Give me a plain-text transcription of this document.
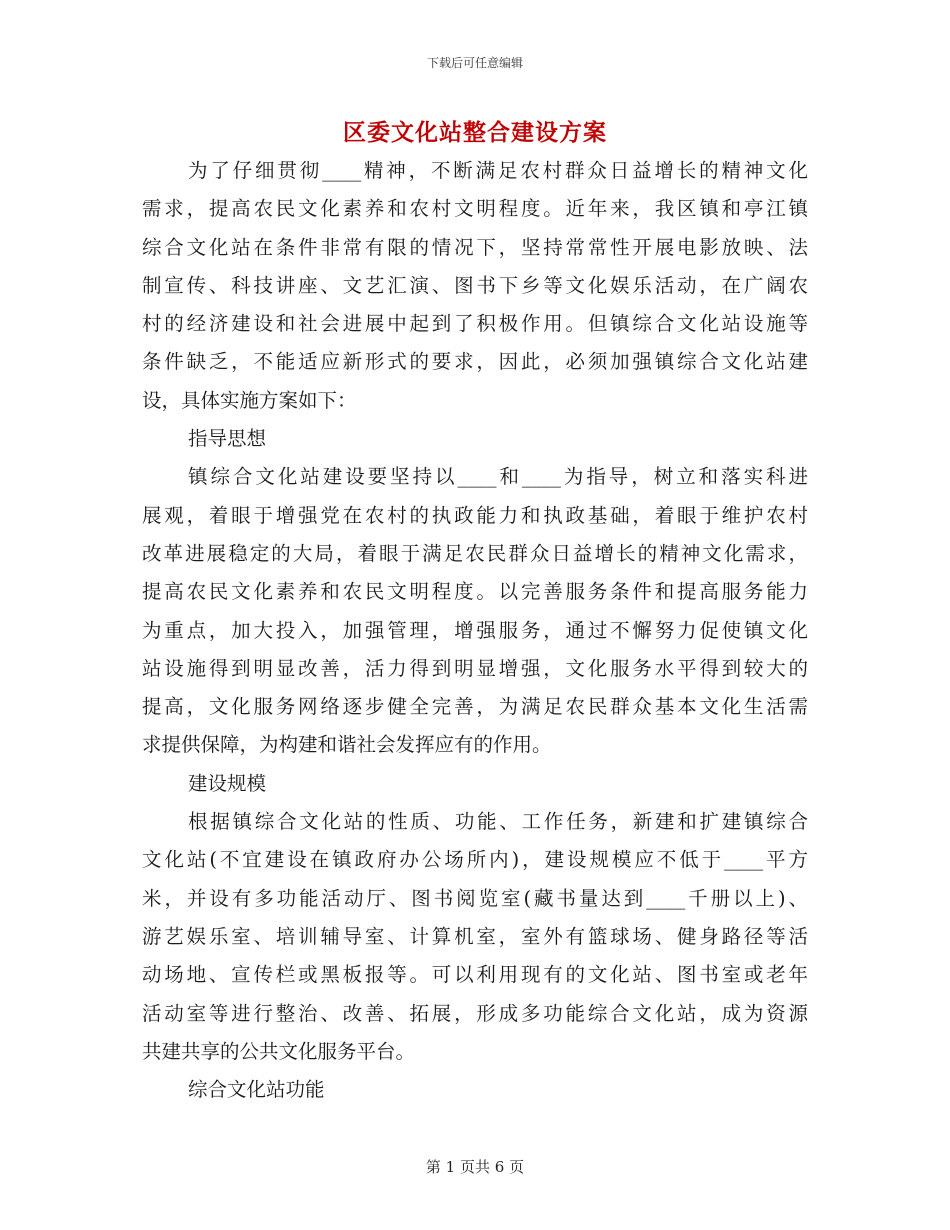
下载后可任意编辑
区委文化站整合建设方案
为了仔细贯彻____精神，不断满足农村群众日益增长的精神文化
需求，提高农民文化素养和农村文明程度。近年来，我区镇和亭江镇
综合文化站在条件非常有限的情况下，坚持常常性开展电影放映、法
制宣传、科技讲座、文艺汇演、图书下乡等文化娱乐活动，在广阔农
村的经济建设和社会进展中起到了积极作用。但镇综合文化站设施等
条件缺乏，不能适应新形式的要求，因此，必须加强镇综合文化站建
设，具体实施方案如下：
指导思想
镇综合文化站建设要坚持以____和____为指导，树立和落实科进
展观，着眼于增强党在农村的执政能力和执政基础，着眼于维护农村
改革进展稳定的大局，着眼于满足农民群众日益增长的精神文化需求，
提高农民文化素养和农民文明程度。以完善服务条件和提高服务能力
为重点，加大投入，加强管理，增强服务，通过不懈努力促使镇文化
站设施得到明显改善，活力得到明显增强，文化服务水平得到较大的
提高，文化服务网络逐步健全完善，为满足农民群众基本文化生活需
求提供保障，为构建和谐社会发挥应有的作用。
建设规模
根据镇综合文化站的性质、功能、工作任务，新建和扩建镇综合
文化站(不宜建设在镇政府办公场所内)，建设规模应不低于____平方
米，并设有多功能活动厅、图书阅览室(藏书量达到____千册以上)、
游艺娱乐室、培训辅导室、计算机室，室外有篮球场、健身路径等活
动场地、宣传栏或黑板报等。可以利用现有的文化站、图书室或老年
活动室等进行整治、改善、拓展，形成多功能综合文化站，成为资源
共建共享的公共文化服务平台。
综合文化站功能
第 1 页共 6 页
